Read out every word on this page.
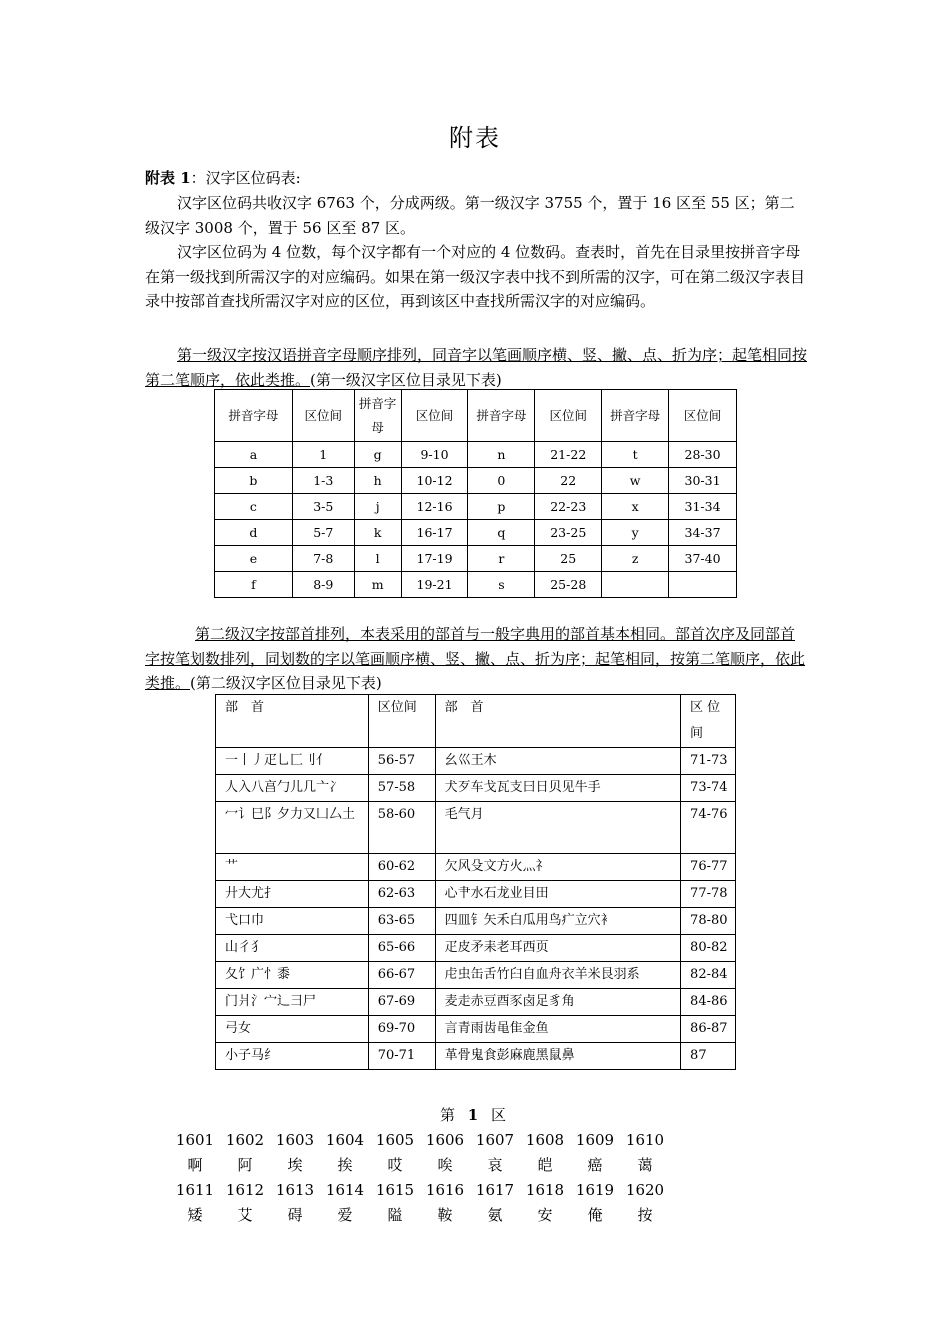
附表
附表 1：汉字区位码表:
汉字区位码共收汉字 6763 个，分成两级。第一级汉字 3755 个，置于 16 区至 55 区；第二级汉字 3008 个，置于 56 区至 87 区。
汉字区位码为 4 位数，每个汉字都有一个对应的 4 位数码。查表时，首先在目录里按拼音字母在第一级找到所需汉字的对应编码。如果在第一级汉字表中找不到所需的汉字，可在第二级汉字表目录中按部首查找所需汉字对应的区位，再到该区中查找所需汉字的对应编码。
第一级汉字按汉语拼音字母顺序排列，同音字以笔画顺序横、竖、撇、点、折为序；起笔相同按第二笔顺序，依此类推。(第一级汉字区位目录见下表)
拼音字母	区位间	拼音字母	区位间	拼音字母	区位间	拼音字母	区位间
a	1	g	9-10	n	21-22	t	28-30
b	1-3	h	10-12	0	22	w	30-31
c	3-5	j	12-16	p	22-23	x	31-34
d	5-7	k	16-17	q	23-25	y	34-37
e	7-8	l	17-19	r	25	z	37-40
f	8-9	m	19-21	s	25-28		
第二级汉字按部首排列，本表采用的部首与一般字典用的部首基本相同。部首次序及同部首字按笔划数排列，同划数的字以笔画顺序横、竖、撇、点、折为序；起笔相同，按第二笔顺序，依此类推。(第二级汉字区位目录见下表)
部　首	区位间	部　首	区 位 间
一丨丿疋乚匚刂亻	56-57	幺巛王木	71-73
人入八亯勹儿几亠冫	57-58	犬歹车戈瓦支曰日贝见牛手	73-74
冖讠巳阝夕力又凵厶土	58-60	毛气月	74-76
艹	60-62	欠风殳文方火灬礻	76-77
廾大尤扌	62-63	心肀水石龙业目田	77-78
弋口巾	63-65	四皿钅矢禾白瓜用鸟疒立穴衤	78-80
山彳犭	65-66	疋皮矛耒老耳西页	80-82
夂饣广忄黍	66-67	虍虫缶舌竹臼自血舟衣羊米艮羽系	82-84
门爿氵宀辶彐尸	67-69	麦走赤豆酉豕卤足豸角	84-86
弓女	69-70	言青雨齿黾隹金鱼	86-87
小子马纟	70-71	革骨鬼食彭麻鹿黑鼠鼻	87
第 1 区
1601 1602 1603 1604 1605 1606 1607 1608 1609 1610
啊	阿	埃	挨	哎	唉	哀	皑	癌	蔼
1611 1612 1613 1614 1615 1616 1617 1618 1619 1620
矮	艾	碍	爱	隘	鞍	氨	安	俺	按
